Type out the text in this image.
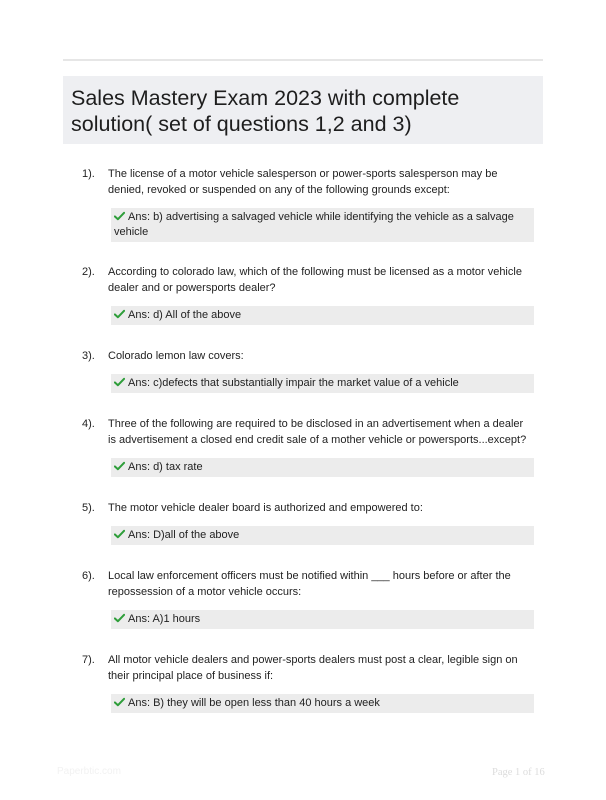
Sales Mastery Exam 2023 with complete solution( set of questions 1,2 and 3)
1). The license of a motor vehicle salesperson or power-sports salesperson may be denied, revoked or suspended on any of the following grounds except:
Ans: b) advertising a salvaged vehicle while identifying the vehicle as a salvage vehicle
2). According to colorado law, which of the following must be licensed as a motor vehicle dealer and or powersports dealer?
Ans: d) All of the above
3). Colorado lemon law covers:
Ans: c)defects that substantially impair the market value of a vehicle
4). Three of the following are required to be disclosed in an advertisement when a dealer is advertisement a closed end credit sale of a mother vehicle or powersports...except?
Ans: d) tax rate
5). The motor vehicle dealer board is authorized and empowered to:
Ans: D)all of the above
6). Local law enforcement officers must be notified within ___ hours before or after the repossession of a motor vehicle occurs:
Ans: A)1 hours
7). All motor vehicle dealers and power-sports dealers must post a clear, legible sign on their principal place of business if:
Ans: B) they will be open less than 40 hours a week
Paperbtic.com	Page 1 of 16
